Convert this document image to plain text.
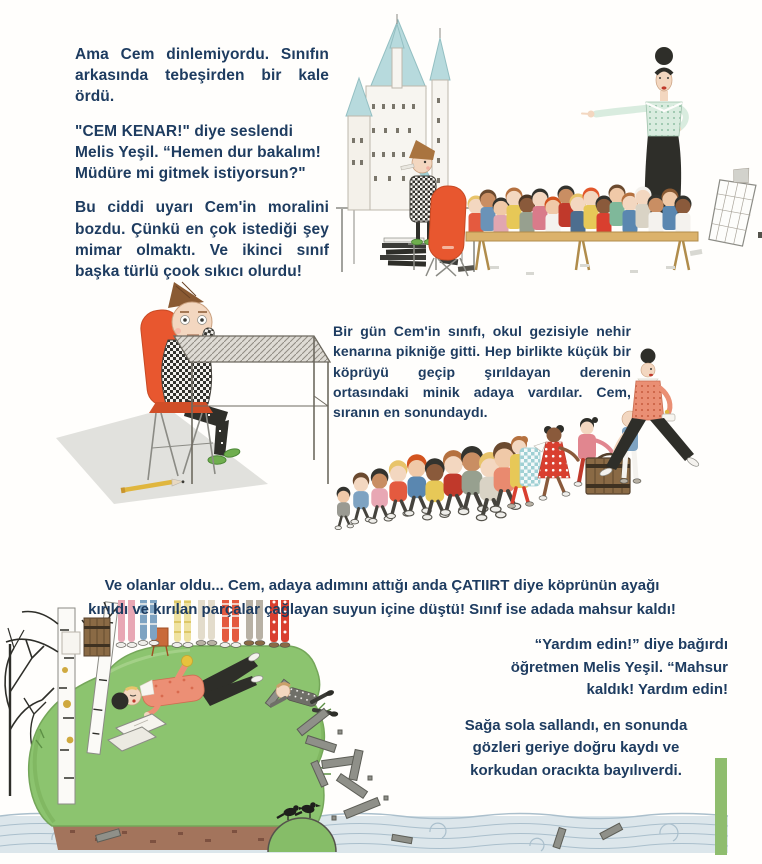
Ama Cem dinlemiyordu. Sınıfın arkasında tebeşirden bir kale ördü.

"CEM KENAR!" diye seslendi
Melis Yeşil. “Hemen dur bakalım!
Müdüre mi gitmek istiyorsun?"

Bu ciddi uyarı Cem'in moralini bozdu. Çünkü en çok istediği şey mimar olmaktı. Ve ikinci sınıf başka türlü çook sıkıcı olurdu!

Bir gün Cem'in sınıfı, okul gezisiyle nehir kenarına pikniğe gitti. Hep birlikte küçük bir köprüyü geçip şırıldayan derenin ortasındaki minik adaya vardılar. Cem, sıranın en sonundaydı.

Ve olanlar oldu... Cem, adaya adımını attığı anda ÇATIIRT diye köprünün ayağı
kırıldı ve kırılan parçalar çağlayan suyun içine düştü! Sınıf ise adada mahsur kaldı!

“Yardım edin!” diye bağırdı
öğretmen Melis Yeşil. “Mahsur
kaldık! Yardım edin!

Sağa sola sallandı, en sonunda
gözleri geriye doğru kaydı ve
korkudan oracıkta bayılıverdi.
